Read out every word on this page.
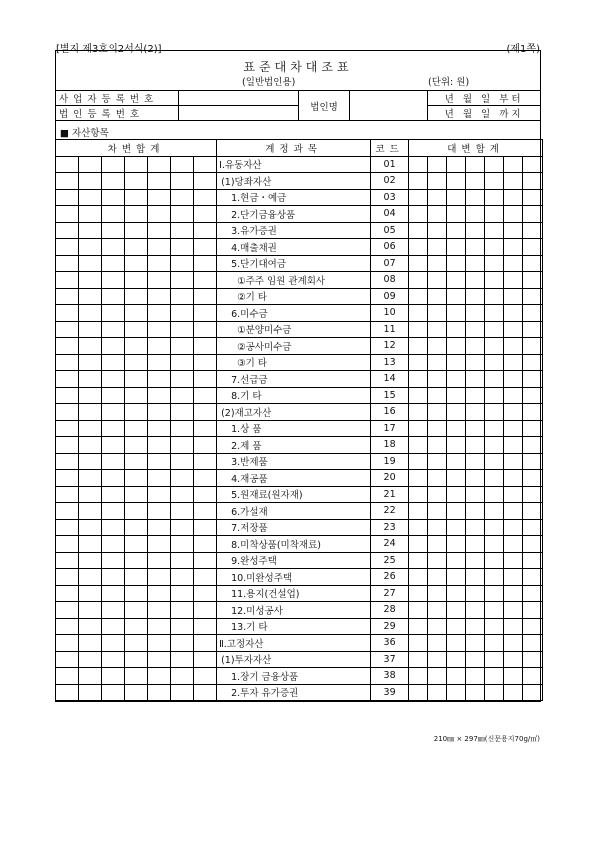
[별지 제3호의2서식(2)]	(제1쪽)
표준대차대조표
(일반법인용)	(단위: 원)
사업자등록번호		법인명		년 월 일 부터
법인등록번호				년 월 일 까지
■ 자산항목
차변합계							계정과목	코드	대변합계						
							Ⅰ.유동자산	01							
							(1)당좌자산	02							
							1.현금・예금	03							
							2.단기금융상품	04							
							3.유가증권	05							
							4.매출채권	06							
							5.단기대여금	07							
							①주주 임원 관계회사	08							
							②기 타	09							
							6.미수금	10							
							①분양미수금	11							
							②공사미수금	12							
							③기 타	13							
							7.선급금	14							
							8.기 타	15							
							(2)재고자산	16							
							1.상 품	17							
							2.제 품	18							
							3.반제품	19							
							4.재공품	20							
							5.원재료(원자재)	21							
							6.가설재	22							
							7.저장품	23							
							8.미착상품(미착재료)	24							
							9.완성주택	25							
							10.미완성주택	26							
							11.용지(건설업)	27							
							12.미성공사	28							
							13.기 타	29							
							Ⅱ.고정자산	36							
							(1)투자자산	37							
							1.장기 금융상품	38							
							2.투자 유가증권	39							
210㎜ × 297㎜(신문용지70g/㎡)
